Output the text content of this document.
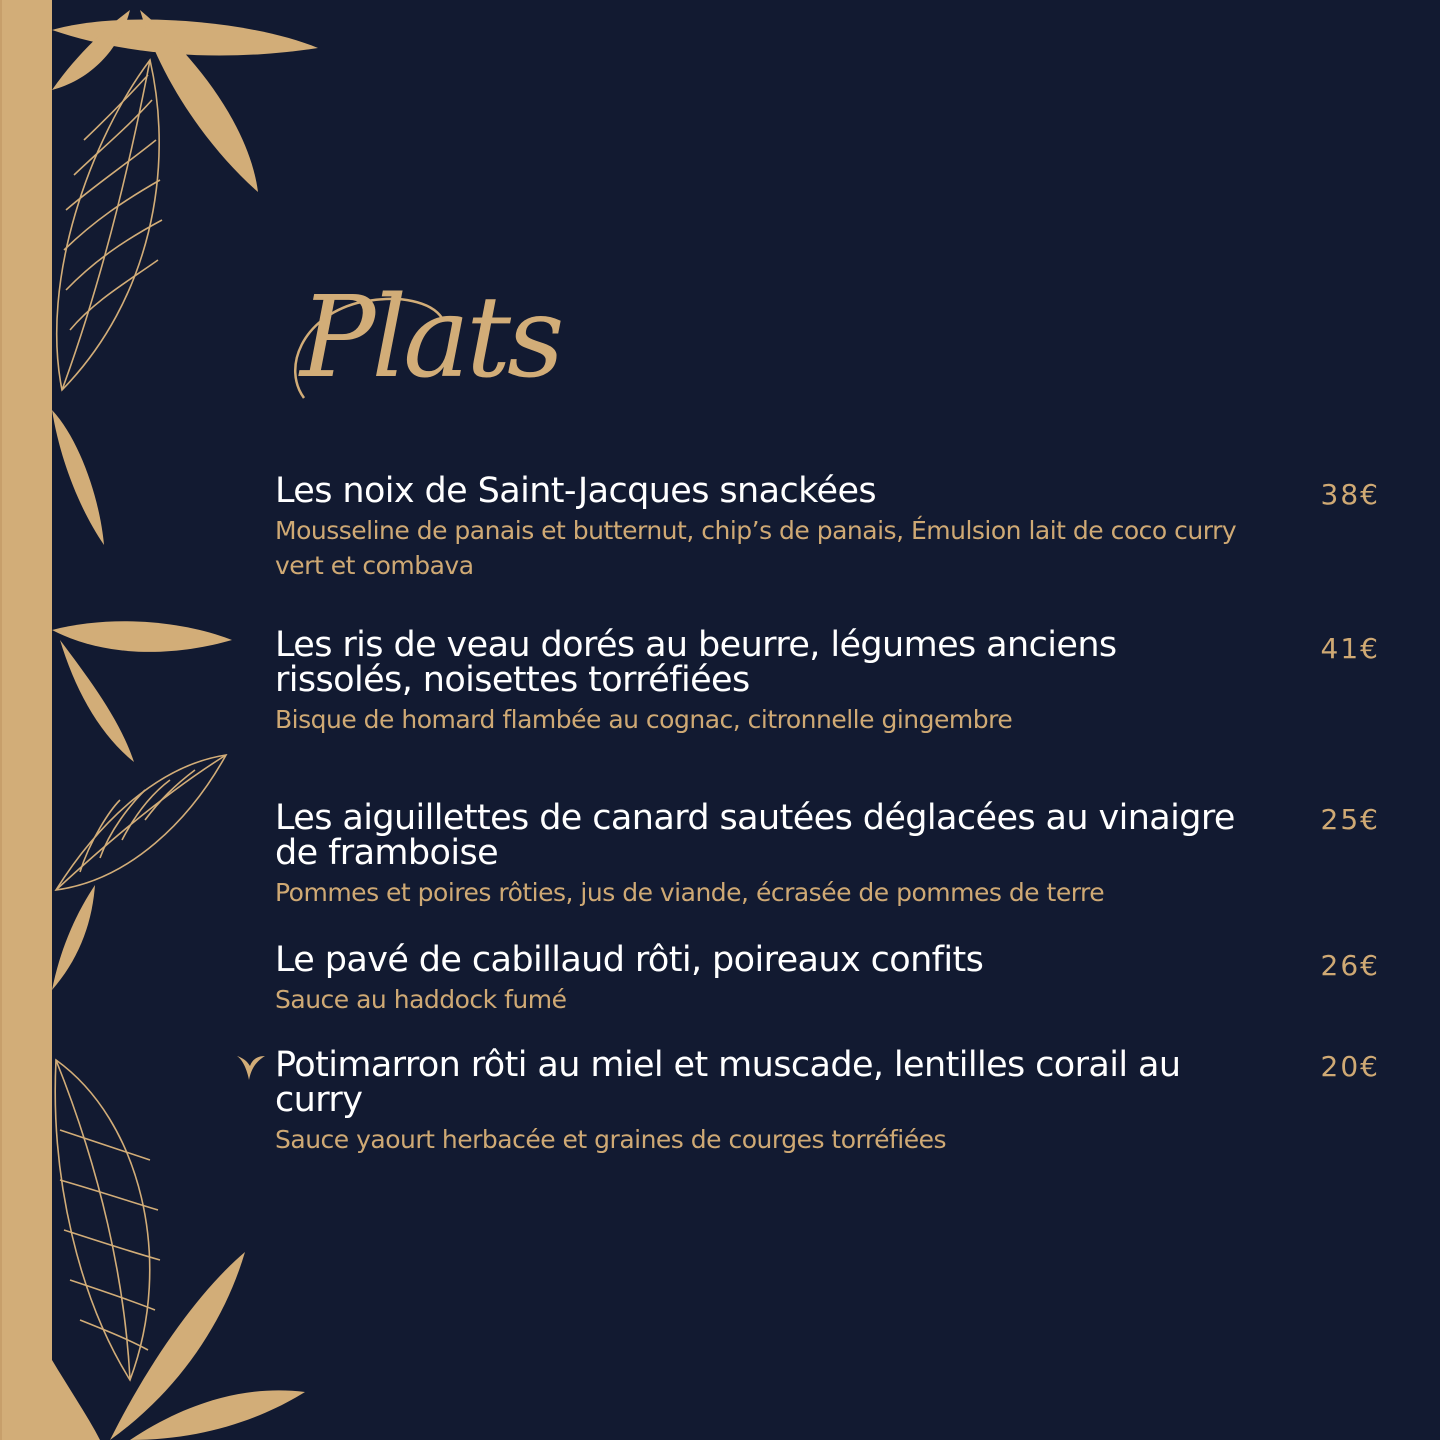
Plats
Les noix de Saint-Jacques snackées
Mousseline de panais et butternut, chip’s de panais, Émulsion lait de coco curry vert et combava
38€
Les ris de veau dorés au beurre, légumes anciens rissolés, noisettes torréfiées
Bisque de homard flambée au cognac, citronnelle gingembre
41€
Les aiguillettes de canard sautées déglacées au vinaigre de framboise
Pommes et poires rôties, jus de viande, écrasée de pommes de terre
25€
Le pavé de cabillaud rôti, poireaux confits
Sauce au haddock fumé
26€
Potimarron rôti au miel et muscade, lentilles corail au curry
Sauce yaourt herbacée et graines de courges torréfiées
20€
